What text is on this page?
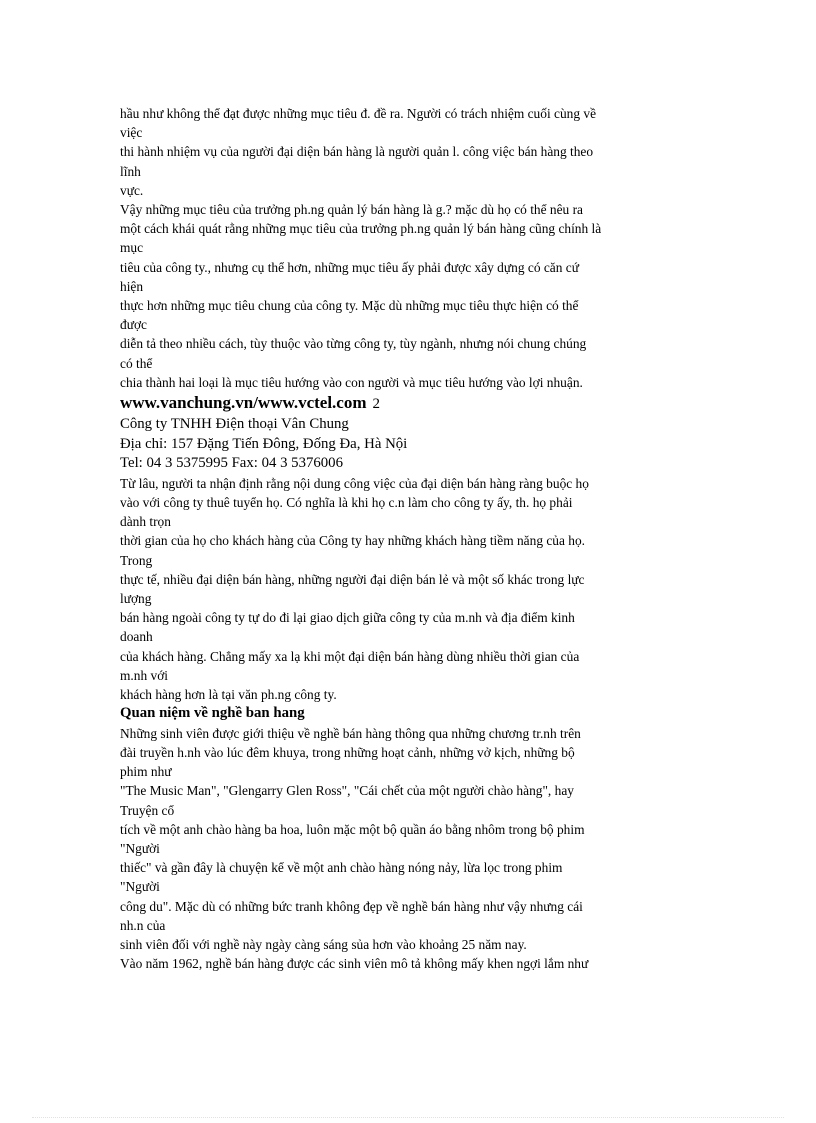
hầu như không thể đạt được những mục tiêu đ. đề ra. Người có trách nhiệm cuối cùng về
việc
thi hành nhiệm vụ của người đại diện bán hàng là người quản l. công việc bán hàng theo
lĩnh
vực.
Vậy những mục tiêu của trưởng ph.ng quản lý bán hàng là g.? mặc dù họ có thể nêu ra
một cách khái quát rằng những mục tiêu của trưởng ph.ng quản lý bán hàng cũng chính là
mục
tiêu của công ty., nhưng cụ thể hơn, những mục tiêu ấy phải được xây dựng có căn cứ
hiện
thực hơn những mục tiêu chung của công ty. Mặc dù những mục tiêu thực hiện có thể
được
diễn tả theo nhiều cách, tùy thuộc vào từng công ty, tùy ngành, nhưng nói chung chúng
có thể
chia thành hai loại là mục tiêu hướng vào con người và mục tiêu hướng vào lợi nhuận.
www.vanchung.vn/www.vctel.com 2
Công ty TNHH Điện thoại Vân Chung
Địa chỉ: 157 Đặng Tiến Đông, Đống Đa, Hà Nội
Tel: 04 3 5375995 Fax: 04 3 5376006
Từ lâu, người ta nhận định rằng nội dung công việc của đại diện bán hàng ràng buộc họ
vào với công ty thuê tuyển họ. Có nghĩa là khi họ c.n làm cho công ty ấy, th. họ phải
dành trọn
thời gian của họ cho khách hàng của Công ty hay những khách hàng tiềm năng của họ.
Trong
thực tế, nhiều đại diện bán hàng, những người đại diện bán lẻ và một số khác trong lực
lượng
bán hàng ngoài công ty tự do đi lại giao dịch giữa công ty của m.nh và địa điểm kinh
doanh
của khách hàng. Chẳng mấy xa lạ khi một đại diện bán hàng dùng nhiều thời gian của
m.nh với
khách hàng hơn là tại văn ph.ng công ty.
Quan niệm về nghề ban hang
Những sinh viên được giới thiệu về nghề bán hàng thông qua những chương tr.nh trên
đài truyền h.nh vào lúc đêm khuya, trong những hoạt cảnh, những vở kịch, những bộ
phim như
"The Music Man", "Glengarry Glen Ross", "Cái chết của một người chào hàng", hay
Truyện cổ
tích về một anh chào hàng ba hoa, luôn mặc một bộ quần áo bằng nhôm trong bộ phim
"Người
thiếc" và gần đây là chuyện kể về một anh chào hàng nóng nảy, lừa lọc trong phim
"Người
công du". Mặc dù có những bức tranh không đẹp về nghề bán hàng như vậy nhưng cái
nh.n của
sinh viên đối với nghề này ngày càng sáng sủa hơn vào khoảng 25 năm nay.
Vào năm 1962, nghề bán hàng được các sinh viên mô tả không mấy khen ngợi lắm như
